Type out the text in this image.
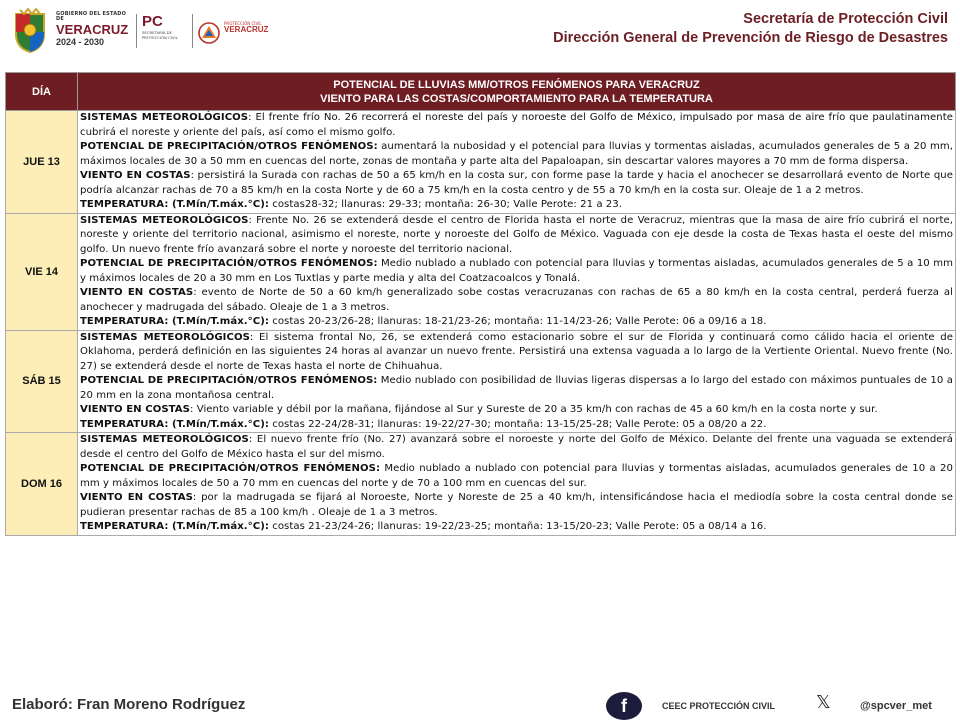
GOBIERNO DEL ESTADO DE
VERACRUZ
2024 - 2030
PC
SECRETARÍA DE PROTECCIÓN CIVIL
PROTECCIÓN CIVIL
VERACRUZ
Secretaría de Protección Civil
Dirección General de Prevención de Riesgo de Desastres
DÍA	POTENCIAL DE LLUVIAS MM/OTROS FENÓMENOS PARA VERACRUZ
VIENTO PARA LAS COSTAS/COMPORTAMIENTO PARA LA TEMPERATURA

JUE 13	SISTEMAS METEOROLÓGICOS: El frente frío No. 26 recorrerá el noreste del país y noroeste del Golfo de México, impulsado por masa de aire frío que paulatinamente cubrirá el noreste y oriente del país, así como el mismo golfo.

POTENCIAL DE PRECIPITACIÓN/OTROS FENÓMENOS: aumentará la nubosidad y el potencial para lluvias y tormentas aisladas, acumulados generales de 5 a 20 mm, máximos locales de 30 a 50 mm en cuencas del norte, zonas de montaña y parte alta del Papaloapan, sin descartar valores mayores a 70 mm de forma dispersa.

VIENTO EN COSTAS: persistirá la Surada con rachas de 50 a 65 km/h en la costa sur, con forme pase la tarde y hacia el anochecer se desarrollará evento de Norte que podría alcanzar rachas de 70 a 85 km/h en la costa Norte y de 60 a 75 km/h en la costa centro y de 55 a 70 km/h en la costa sur. Oleaje de 1 a 2 metros.

TEMPERATURA: (T.Mín/T.máx.°C): costas28-32; llanuras: 29-33; montaña: 26-30; Valle Perote: 21 a 23.

VIE 14	SISTEMAS METEOROLÓGICOS: Frente No. 26 se extenderá desde el centro de Florida hasta el norte de Veracruz, mientras que la masa de aire frío cubrirá el norte, noreste y oriente del territorio nacional, asimismo el noreste, norte y noroeste del Golfo de México. Vaguada con eje desde la costa de Texas hasta el oeste del mismo golfo. Un nuevo frente frío avanzará sobre el norte y noroeste del territorio nacional.

POTENCIAL DE PRECIPITACIÓN/OTROS FENÓMENOS: Medio nublado a nublado con potencial para lluvias y tormentas aisladas, acumulados generales de 5 a 10 mm y máximos locales de 20 a 30 mm en Los Tuxtlas y parte media y alta del Coatzacoalcos y Tonalá.

VIENTO EN COSTAS: evento de Norte de 50 a 60 km/h generalizado sobe costas veracruzanas con rachas de 65 a 80 km/h en la costa central, perderá fuerza al anochecer y madrugada del sábado. Oleaje de 1 a 3 metros.

TEMPERATURA: (T.Mín/T.máx.°C): costas 20-23/26-28; llanuras: 18-21/23-26; montaña: 11-14/23-26; Valle Perote: 06 a 09/16 a 18.

SÁB 15	SISTEMAS METEOROLÓGICOS: El sistema frontal No, 26, se extenderá como estacionario sobre el sur de Florida y continuará como cálido hacia el oriente de Oklahoma, perderá definición en las siguientes 24 horas al avanzar un nuevo frente. Persistirá una extensa vaguada a lo largo de la Vertiente Oriental. Nuevo frente (No. 27) se extenderá desde el norte de Texas hasta el norte de Chihuahua.

POTENCIAL DE PRECIPITACIÓN/OTROS FENÓMENOS: Medio nublado con posibilidad de lluvias ligeras dispersas a lo largo del estado con máximos puntuales de 10 a 20 mm en la zona montañosa central.

VIENTO EN COSTAS: Viento variable y débil por la mañana, fijándose al Sur y Sureste de 20 a 35 km/h con rachas de 45 a 60 km/h en la costa norte y sur.

TEMPERATURA: (T.Mín/T.máx.°C): costas 22-24/28-31; llanuras: 19-22/27-30; montaña: 13-15/25-28; Valle Perote: 05 a 08/20 a 22.

DOM 16	SISTEMAS METEOROLÓGICOS: El nuevo frente frío (No. 27) avanzará sobre el noroeste y norte del Golfo de México. Delante del frente una vaguada se extenderá desde el centro del Golfo de México hasta el sur del mismo.

POTENCIAL DE PRECIPITACIÓN/OTROS FENÓMENOS: Medio nublado a nublado con potencial para lluvias y tormentas aisladas, acumulados generales de 10 a 20 mm y máximos locales de 50 a 70 mm en cuencas del norte y de 70 a 100 mm en cuencas del sur.

VIENTO EN COSTAS: por la madrugada se fijará al Noroeste, Norte y Noreste de 25 a 40 km/h, intensificándose hacia el mediodía sobre la costa central donde se pudieran presentar rachas de 85 a 100 km/h . Oleaje de 1 a 3 metros.

TEMPERATURA: (T.Mín/T.máx.°C): costas 21-23/24-26; llanuras: 19-22/23-25; montaña: 13-15/20-23; Valle Perote: 05 a 08/14 a 16.

Elaboró: Fran Moreno Rodríguez	f	CEEC PROTECCIÓN CIVIL 𝕏	@spcver_met
